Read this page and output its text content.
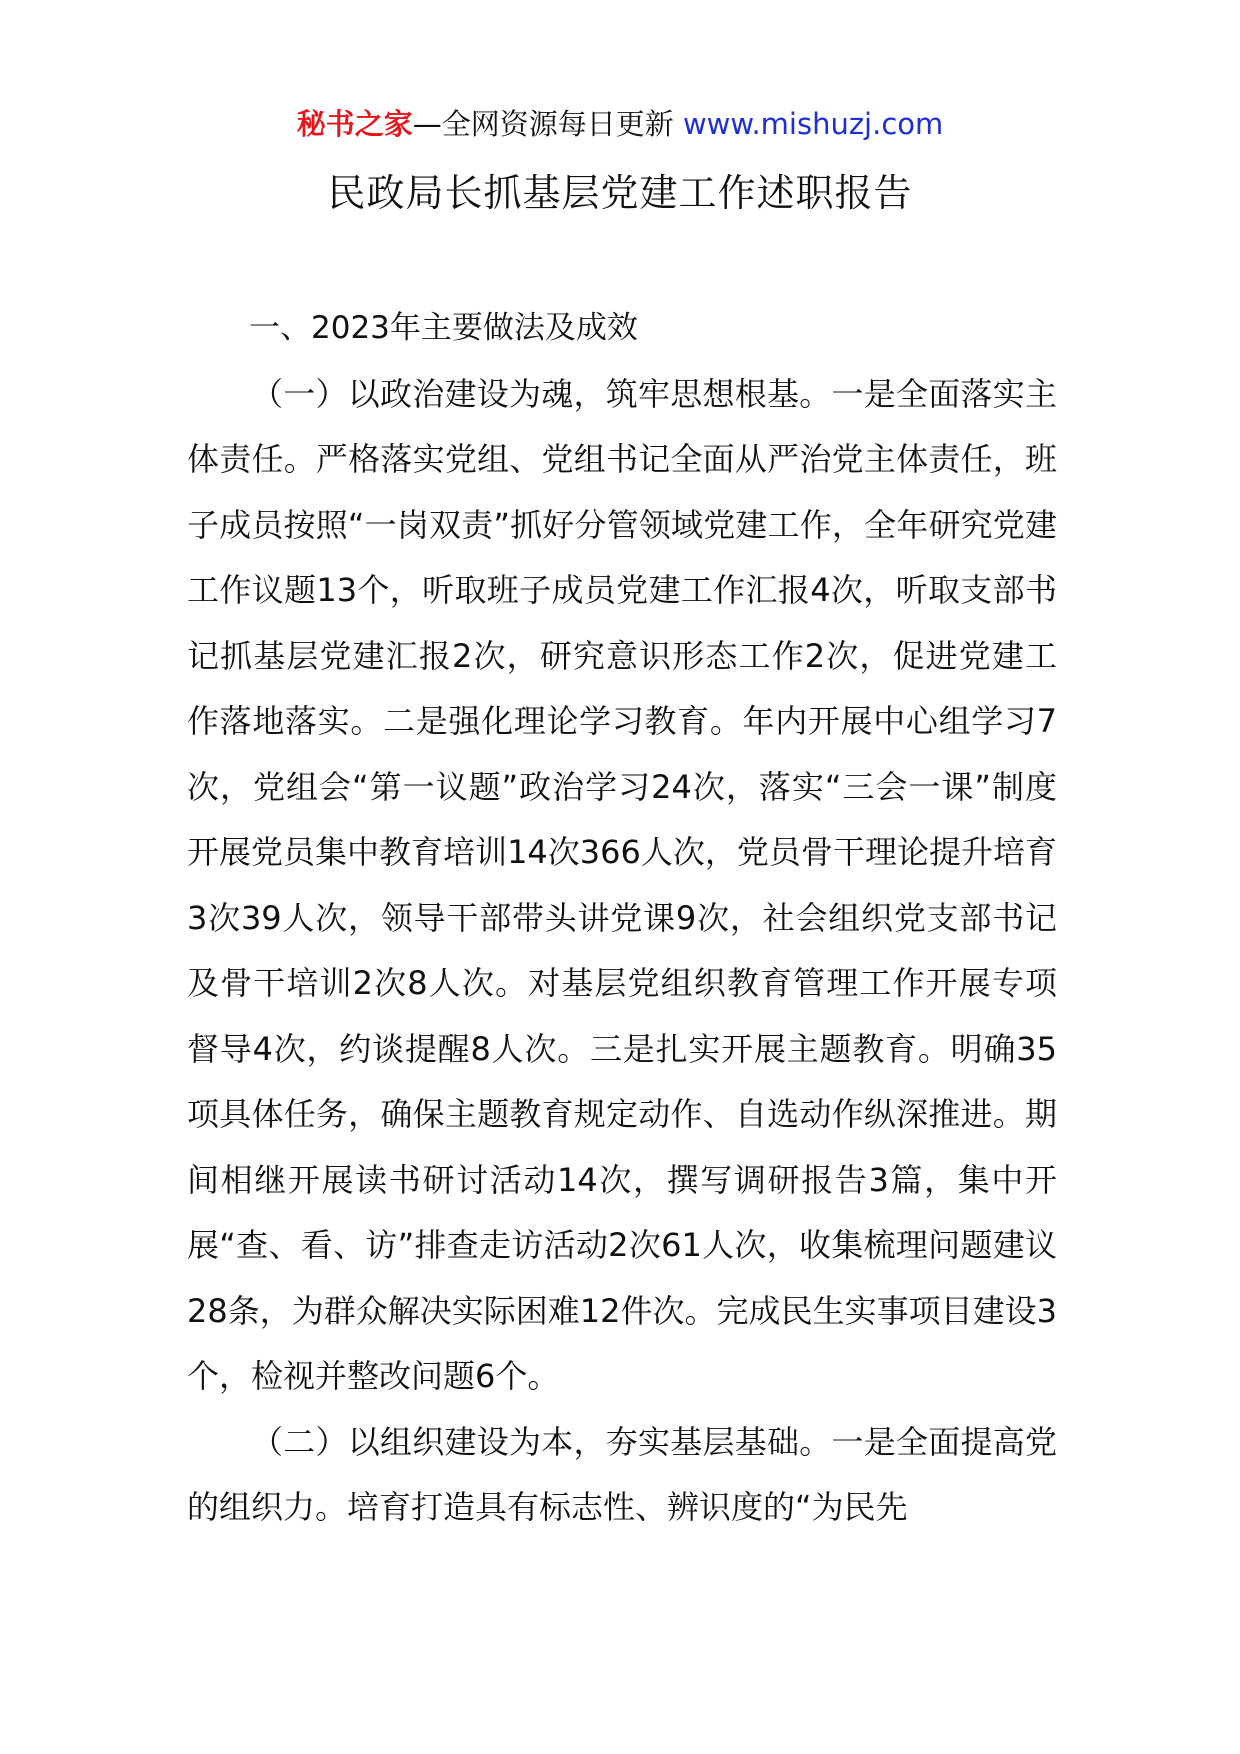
秘书之家—全网资源每日更新 www.mishuzj.com
民政局长抓基层党建工作述职报告

一、2023年主要做法及成效

（一）以政治建设为魂，筑牢思想根基。一是全面落实主体责任。严格落实党组、党组书记全面从严治党主体责任，班子成员按照“一岗双责”抓好分管领域党建工作，全年研究党建工作议题13个，听取班子成员党建工作汇报4次，听取支部书记抓基层党建汇报2次，研究意识形态工作2次，促进党建工作落地落实。二是强化理论学习教育。年内开展中心组学习7次，党组会“第一议题”政治学习24次，落实“三会一课”制度开展党员集中教育培训14次366人次，党员骨干理论提升培育3次39人次，领导干部带头讲党课9次，社会组织党支部书记及骨干培训2次8人次。对基层党组织教育管理工作开展专项督导4次，约谈提醒8人次。三是扎实开展主题教育。明确35项具体任务，确保主题教育规定动作、自选动作纵深推进。期间相继开展读书研讨活动14次，撰写调研报告3篇，集中开展“查、看、访”排查走访活动2次61人次，收集梳理问题建议28条，为群众解决实际困难12件次。完成民生实事项目建设3个，检视并整改问题6个。

（二）以组织建设为本，夯实基层基础。一是全面提高党的组织力。培育打造具有标志性、辨识度的“为民先
